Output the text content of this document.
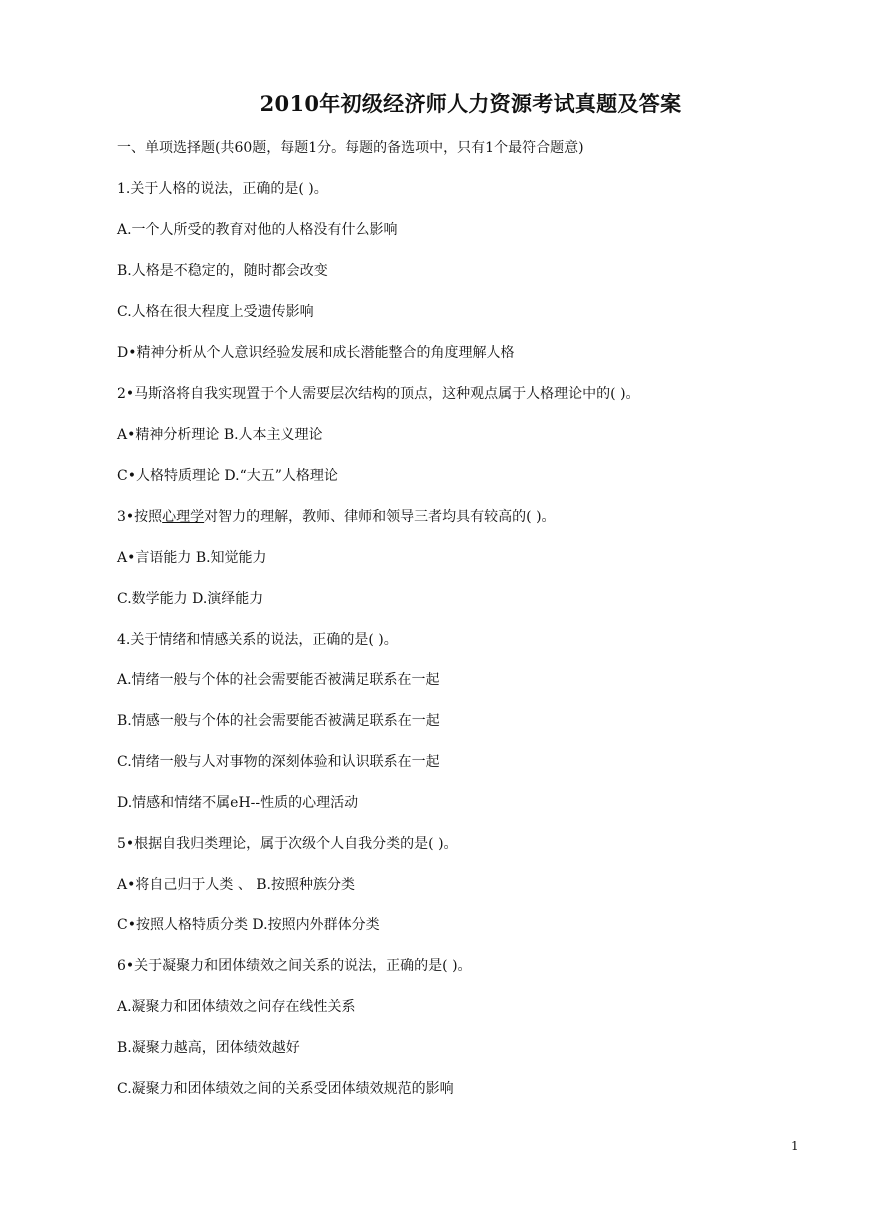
2010年初级经济师人力资源考试真题及答案
一、单项选择题(共60题，每题1分。每题的备选项中，只有1个最符合题意)
1.关于人格的说法，正确的是( )。
A.一个人所受的教育对他的人格没有什么影响
B.人格是不稳定的，随时都会改变
C.人格在很大程度上受遗传影响
D•精神分析从个人意识经验发展和成长潜能整合的角度理解人格
2•马斯洛将自我实现置于个人需要层次结构的顶点，这种观点属于人格理论中的( )。
A•精神分析理论 B.人本主义理论
C•人格特质理论 D.“大五”人格理论
3•按照心理学对智力的理解，教师、律师和领导三者均具有较高的( )。
A•言语能力 B.知觉能力
C.数学能力 D.演绎能力
4.关于情绪和情感关系的说法，正确的是( )。
A.情绪一般与个体的社会需要能否被满足联系在一起
B.情感一般与个体的社会需要能否被满足联系在一起
C.情绪一般与人对事物的深刻体验和认识联系在一起
D.情感和情绪不属eH--性质的心理活动
5•根据自我归类理论，属于次级个人自我分类的是( )。
A•将自己归于人类 、 B.按照种族分类
C•按照人格特质分类 D.按照内外群体分类
6•关于凝聚力和团体绩效之间关系的说法，正确的是( )。
A.凝聚力和团体绩效之问存在线性关系
B.凝聚力越高，团体绩效越好
C.凝聚力和团体绩效之间的关系受团体绩效规范的影响
1
